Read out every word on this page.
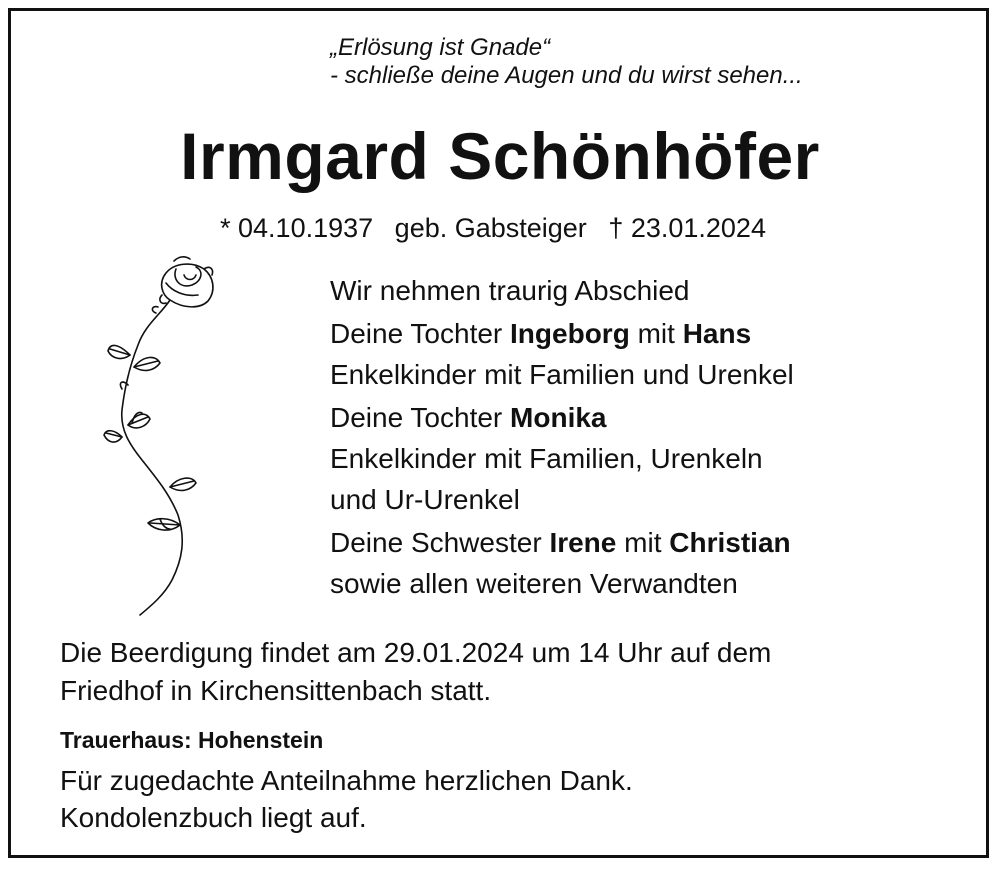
„Erlösung ist Gnade“
- schließe deine Augen und du wirst sehen...
Irmgard Schönhöfer
* 04.10.1937 geb. Gabsteiger † 23.01.2024
Wir nehmen traurig Abschied
Deine Tochter Ingeborg mit Hans
Enkelkinder mit Familien und Urenkel
Deine Tochter Monika
Enkelkinder mit Familien, Urenkeln
und Ur-Urenkel
Deine Schwester Irene mit Christian
sowie allen weiteren Verwandten
Die Beerdigung findet am 29.01.2024 um 14 Uhr auf dem
Friedhof in Kirchensittenbach statt.
Trauerhaus: Hohenstein
Für zugedachte Anteilnahme herzlichen Dank.
Kondolenzbuch liegt auf.
